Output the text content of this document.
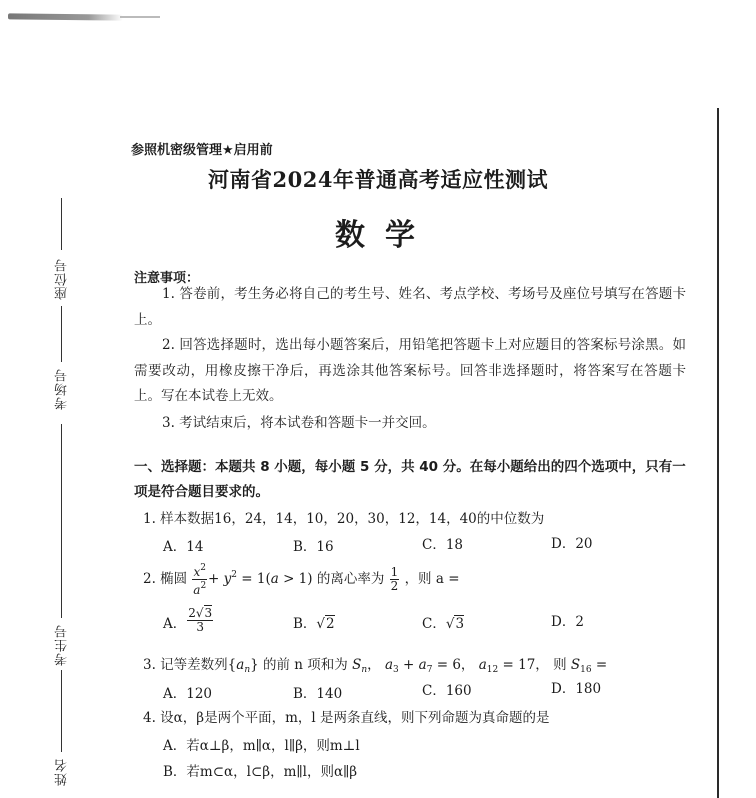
座位号
考场号
考生号
姓名
参照机密级管理★启用前
河南省2024年普通高考适应性测试
数学
注意事项：
1. 答卷前，考生务必将自己的考生号、姓名、考点学校、考场号及座位号填写在答题卡上。
2. 回答选择题时，选出每小题答案后，用铅笔把答题卡上对应题目的答案标号涂黑。如需要改动，用橡皮擦干净后，再选涂其他答案标号。回答非选择题时，将答案写在答题卡上。写在本试卷上无效。
3. 考试结束后，将本试卷和答题卡一并交回。
一、选择题：本题共 8 小题，每小题 5 分，共 40 分。在每小题给出的四个选项中，只有一项是符合题目要求的。
1. 样本数据16，24，14，10，20，30，12，14，40的中位数为
A．14	B．16	C．18	D．20
2. 椭圆 $\frac{x^2}{a^2} + y^2 = 1(a > 1)$ 的离心率为 $\frac{1}{2}$ ，则 a =
A． $\frac{2√3}{3}$	B．√2	C．√3	D．2
3. 记等差数列$\{a_n\}$ 的前 n 项和为 $S_n$， $a_3 + a_7 = 6$， $a_{12} = 17$， 则 $S_{16}$ =
A．120	B．140	C．160	D．180
4. 设α，β是两个平面，m，l 是两条直线，则下列命题为真命题的是
A．若α⊥β，m∥α，l∥β，则m⊥l
B．若m⊂α，l⊂β，m∥l，则α∥β
